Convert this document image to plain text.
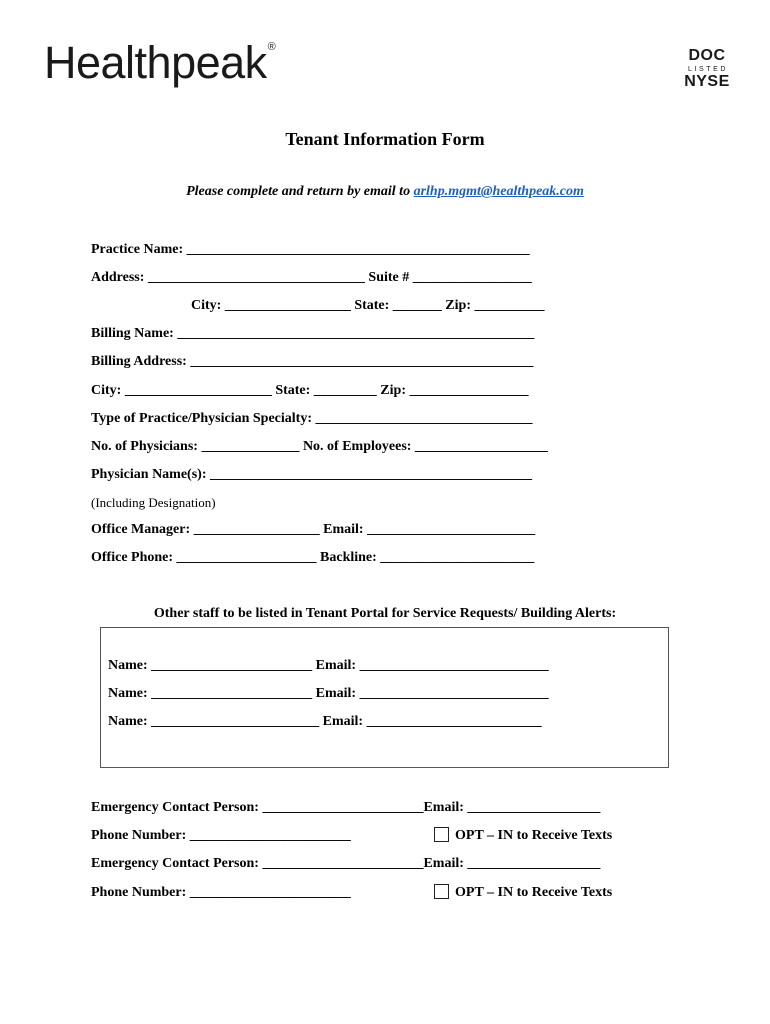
Healthpeak®	DOC
LISTED
NYSE
Tenant Information Form
Please complete and return by email to arlhp.mgmt@healthpeak.com
Practice Name: _________________________________________________
Address: _______________________________ Suite # _________________
City: __________________ State: _______ Zip: __________
Billing Name: ___________________________________________________
Billing Address: _________________________________________________
City: _____________________ State: _________ Zip: _________________
Type of Practice/Physician Specialty: _______________________________
No. of Physicians: ______________ No. of Employees: ___________________
Physician Name(s): ______________________________________________
(Including Designation)
Office Manager: __________________ Email: ________________________
Office Phone: ____________________ Backline: ______________________
Other staff to be listed in Tenant Portal for Service Requests/ Building Alerts:
Name: _______________________ Email: ___________________________
Name: _______________________ Email: ___________________________
Name: ________________________ Email: _________________________
Emergency Contact Person: _______________________Email: ___________________
Phone Number: _______________________	OPT – IN to Receive Texts
Emergency Contact Person: _______________________Email: ___________________
Phone Number: _______________________	OPT – IN to Receive Texts
